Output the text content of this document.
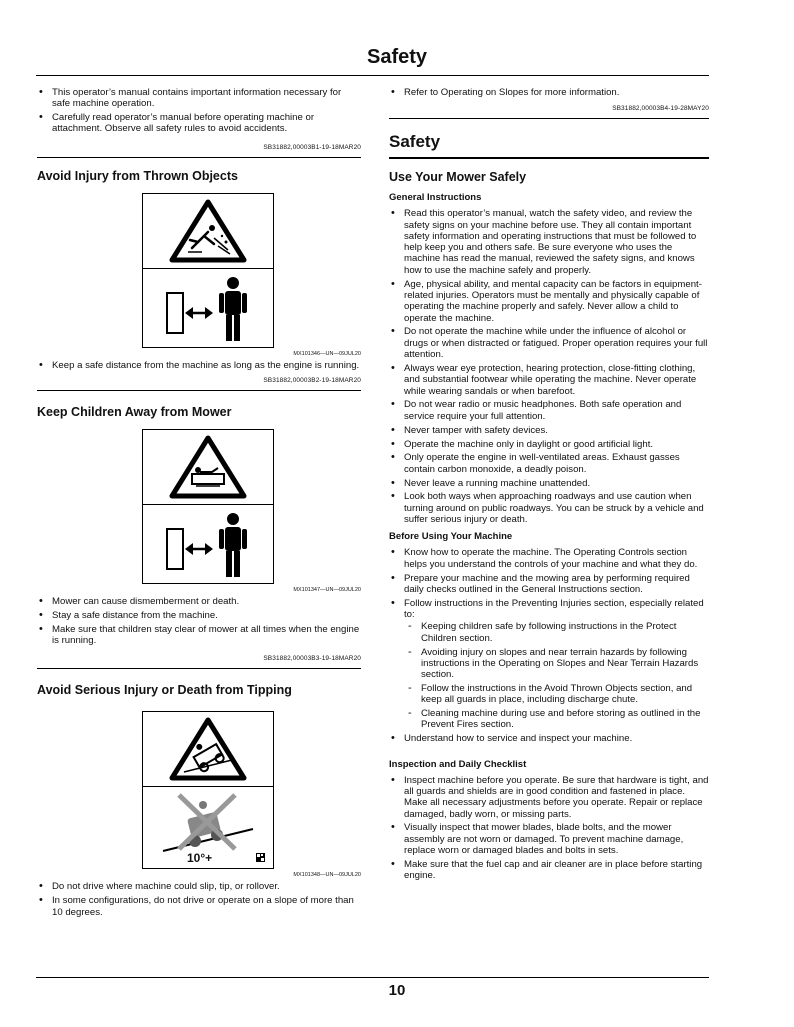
Safety
• This operator’s manual contains important information necessary for safe machine operation.
• Carefully read operator’s manual before operating machine or attachment. Observe all safety rules to avoid accidents.
SB31882,00003B1-19-18MAR20
Avoid Injury from Thrown Objects
MX101346—UN—09JUL20
• Keep a safe distance from the machine as long as the engine is running.
SB31882,00003B2-19-18MAR20
Keep Children Away from Mower
MX101347—UN—09JUL20
• Mower can cause dismemberment or death.
• Stay a safe distance from the machine.
• Make sure that children stay clear of mower at all times when the engine is running.
SB31882,00003B3-19-18MAR20
Avoid Serious Injury or Death from Tipping
10°+
MX101348—UN—09JUL20
• Do not drive where machine could slip, tip, or rollover.
• In some configurations, do not drive or operate on a slope of more than 10 degrees.
• Refer to Operating on Slopes for more information.
SB31882,00003B4-19-28MAY20
Safety
Use Your Mower Safely
General Instructions
• Read this operator’s manual, watch the safety video, and review the safety signs on your machine before use. They all contain important safety information and operating instructions that must be followed to help keep you and others safe. Be sure everyone who uses the machine has read the manual, reviewed the safety signs, and knows how to use the machine safely and properly.
• Age, physical ability, and mental capacity can be factors in equipment-related injuries. Operators must be mentally and physically capable of operating the machine properly and safely. Never allow a child to operate the machine.
• Do not operate the machine while under the influence of alcohol or drugs or when distracted or fatigued. Proper operation requires your full attention.
• Always wear eye protection, hearing protection, close-fitting clothing, and substantial footwear while operating the machine. Never operate while wearing sandals or when barefoot.
• Do not wear radio or music headphones. Both safe operation and service require your full attention.
• Never tamper with safety devices.
• Operate the machine only in daylight or good artificial light.
• Only operate the engine in well-ventilated areas. Exhaust gasses contain carbon monoxide, a deadly poison.
• Never leave a running machine unattended.
• Look both ways when approaching roadways and use caution when turning around on public roadways. You can be struck by a vehicle and suffer serious injury or death.
Before Using Your Machine
• Know how to operate the machine. The Operating Controls section helps you understand the controls of your machine and what they do.
• Prepare your machine and the mowing area by performing required daily checks outlined in the General Instructions section.
• Follow instructions in the Preventing Injuries section, especially related to:
- Keeping children safe by following instructions in the Protect Children section.
- Avoiding injury on slopes and near terrain hazards by following instructions in the Operating on Slopes and Near Terrain Hazards section.
- Follow the instructions in the Avoid Thrown Objects section, and keep all guards in place, including discharge chute.
- Cleaning machine during use and before storing as outlined in the Prevent Fires section.
• Understand how to service and inspect your machine.
Inspection and Daily Checklist
• Inspect machine before you operate. Be sure that hardware is tight, and all guards and shields are in good condition and fastened in place. Make all necessary adjustments before you operate. Repair or replace damaged, badly worn, or missing parts.
• Visually inspect that mower blades, blade bolts, and the mower assembly are not worn or damaged. To prevent machine damage, replace worn or damaged blades and bolts in sets.
• Make sure that the fuel cap and air cleaner are in place before starting engine.
10
